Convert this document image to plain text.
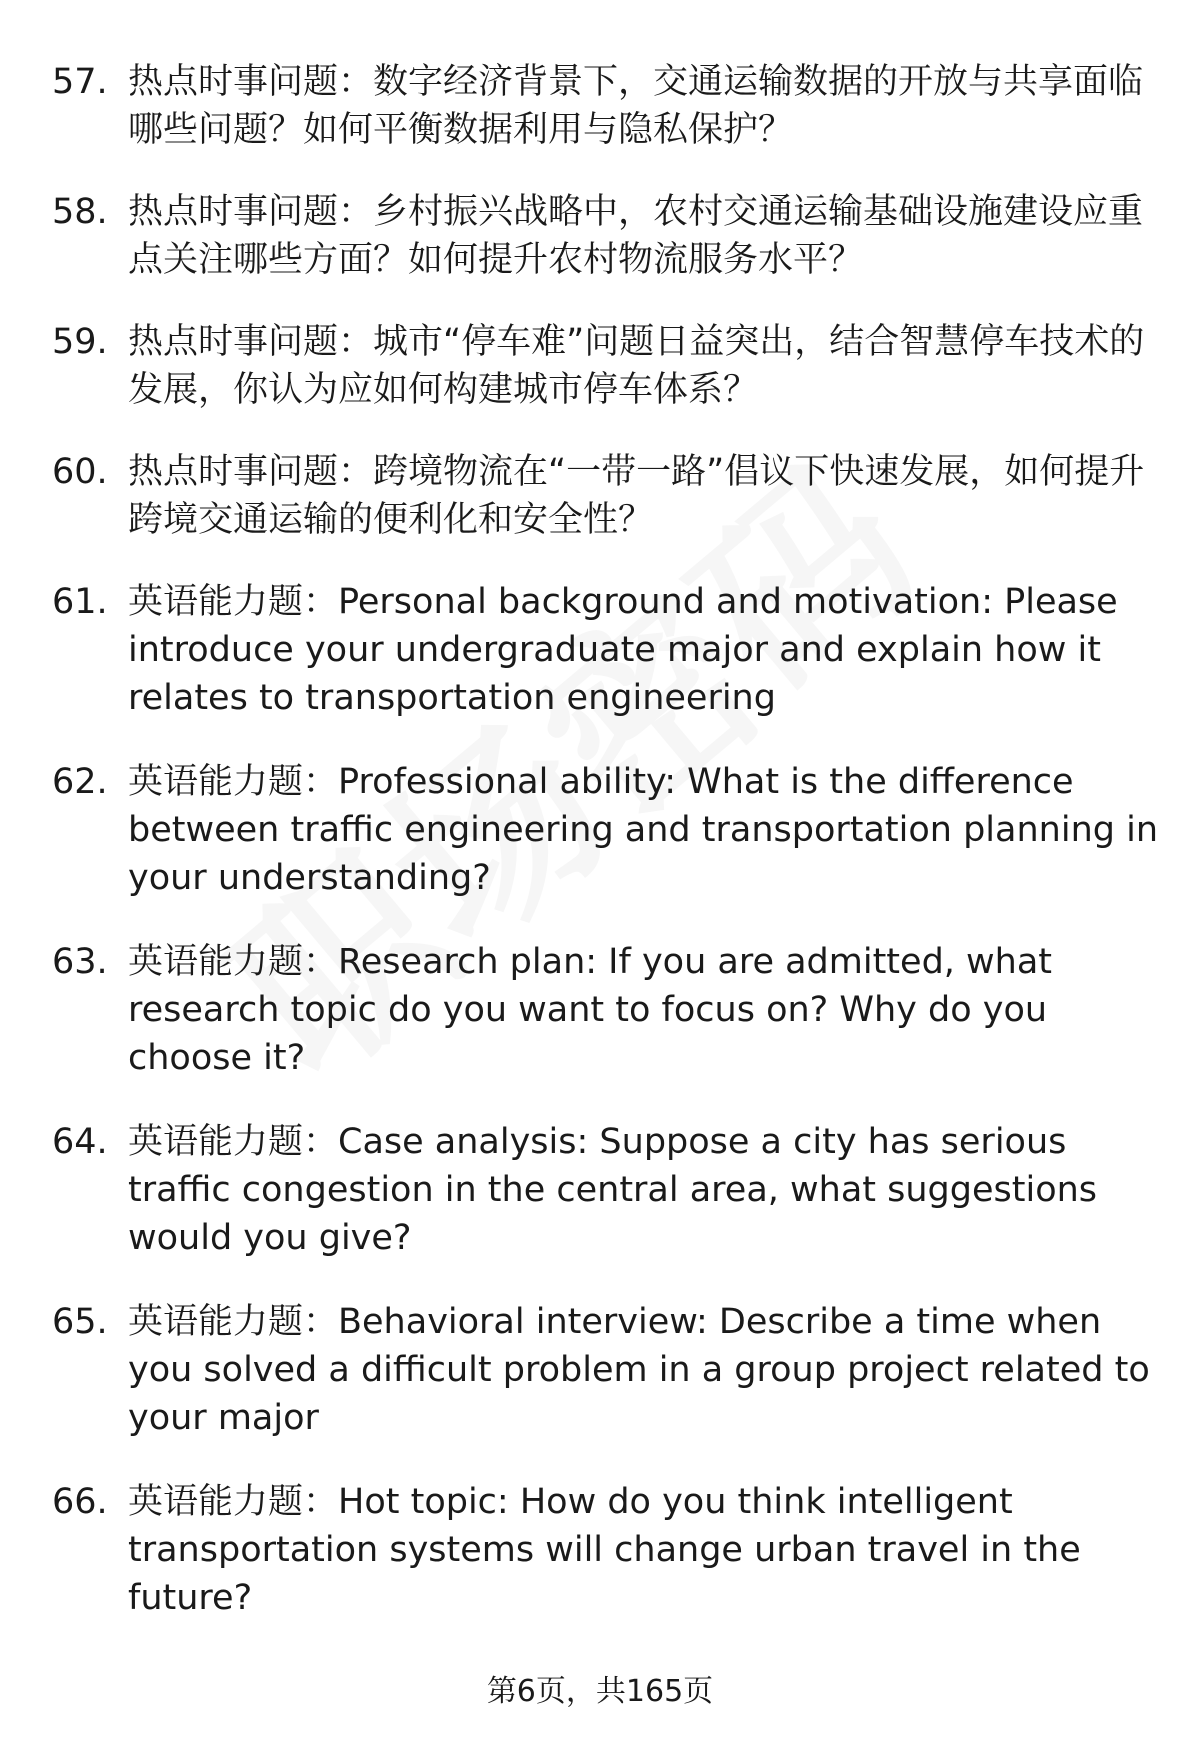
57. 热点时事问题：数字经济背景下，交通运输数据的开放与共享面临哪些问题？如何平衡数据利用与隐私保护？
58. 热点时事问题：乡村振兴战略中，农村交通运输基础设施建设应重点关注哪些方面？如何提升农村物流服务水平？
59. 热点时事问题：城市“停车难”问题日益突出，结合智慧停车技术的发展，你认为应如何构建城市停车体系？
60. 热点时事问题：跨境物流在“一带一路”倡议下快速发展，如何提升跨境交通运输的便利化和安全性？
61. 英语能力题：Personal background and motivation: Please introduce your undergraduate major and explain how it relates to transportation engineering
62. 英语能力题：Professional ability: What is the difference between traffic engineering and transportation planning in your understanding?
63. 英语能力题：Research plan: If you are admitted, what research topic do you want to focus on? Why do you choose it?
64. 英语能力题：Case analysis: Suppose a city has serious traffic congestion in the central area, what suggestions would you give?
65. 英语能力题：Behavioral interview: Describe a time when you solved a difficult problem in a group project related to your major
66. 英语能力题：Hot topic: How do you think intelligent transportation systems will change urban travel in the future?
第6页，共165页
